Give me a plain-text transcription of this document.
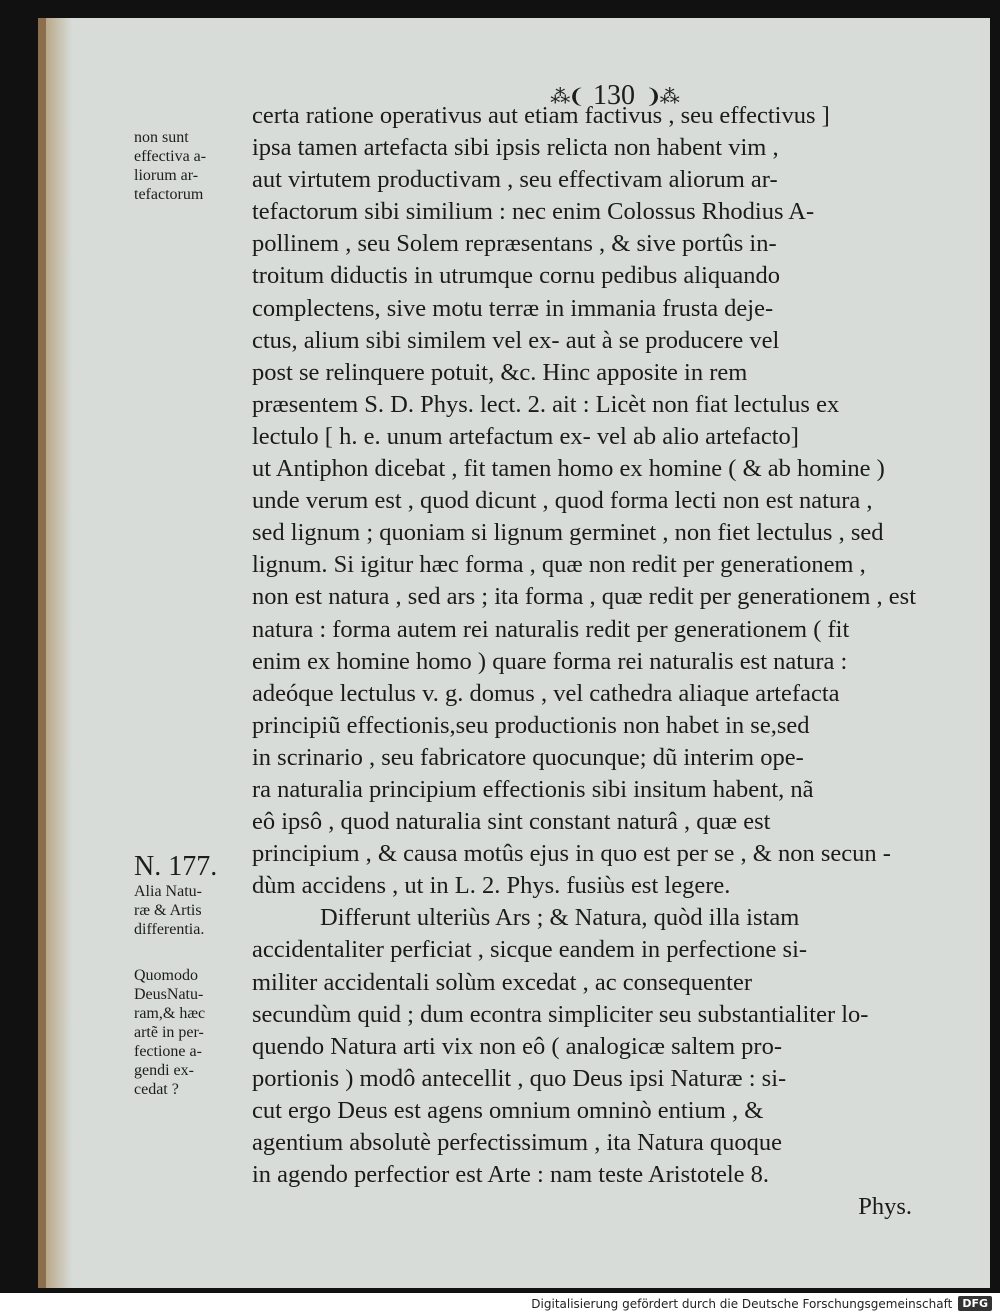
⁂❨ 130 ❩⁂
non sunt
effectiva a-
liorum ar-
tefactorum
N. 177.
Alia Natu-
ræ & Artis
differentia.
Quomodo
DeusNatu-
ram,& hæc
artẽ in per-
fectione a-
gendi ex-
cedat ?
certa ratione operativus aut etiam factivus , seu effectivus ]
ipsa tamen artefacta sibi ipsis relicta non habent vim ,
aut virtutem productivam , seu effectivam aliorum ar-
tefactorum sibi similium : nec enim Colossus Rhodius A-
pollinem , seu Solem repræsentans , & sive portûs in-
troitum diductis in utrumque cornu pedibus aliquando
complectens, sive motu terræ in immania frusta deje-
ctus, alium sibi similem vel ex- aut à se producere vel
post se relinquere potuit, &c. Hinc apposite in rem
præsentem S. D. Phys. lect. 2. ait : Licèt non fiat lectulus ex
lectulo [ h. e. unum artefactum ex- vel ab alio artefacto]
ut Antiphon dicebat , fit tamen homo ex homine ( & ab homine )
unde verum est , quod dicunt , quod forma lecti non est natura ,
sed lignum ; quoniam si lignum germinet , non fiet lectulus , sed
lignum. Si igitur hæc forma , quæ non redit per generationem ,
non est natura , sed ars ; ita forma , quæ redit per generationem , est
natura : forma autem rei naturalis redit per generationem ( fit
enim ex homine homo ) quare forma rei naturalis est natura :
adeóque lectulus v. g. domus , vel cathedra aliaque artefacta
principiũ effectionis,seu productionis non habet in se,sed
in scrinario , seu fabricatore quocunque; dũ interim ope-
ra naturalia principium effectionis sibi insitum habent, nã
eô ipsô , quod naturalia sint constant naturâ , quæ est
principium , & causa motûs ejus in quo est per se , & non secun -
dùm accidens , ut in L. 2. Phys. fusiùs est legere.
Differunt ulteriùs Ars ; & Natura, quòd illa istam
accidentaliter perficiat , sicque eandem in perfectione si-
militer accidentali solùm excedat , ac consequenter
secundùm quid ; dum econtra simpliciter seu substantialiter lo-
quendo Natura arti vix non eô ( analogicæ saltem pro-
portionis ) modô antecellit , quo Deus ipsi Naturæ : si-
cut ergo Deus est agens omnium omninò entium , &
agentium absolutè perfectissimum , ita Natura quoque
in agendo perfectior est Arte : nam teste Aristotele 8.
Phys.
Digitalisierung gefördert durch die Deutsche Forschungsgemeinschaft DFG
